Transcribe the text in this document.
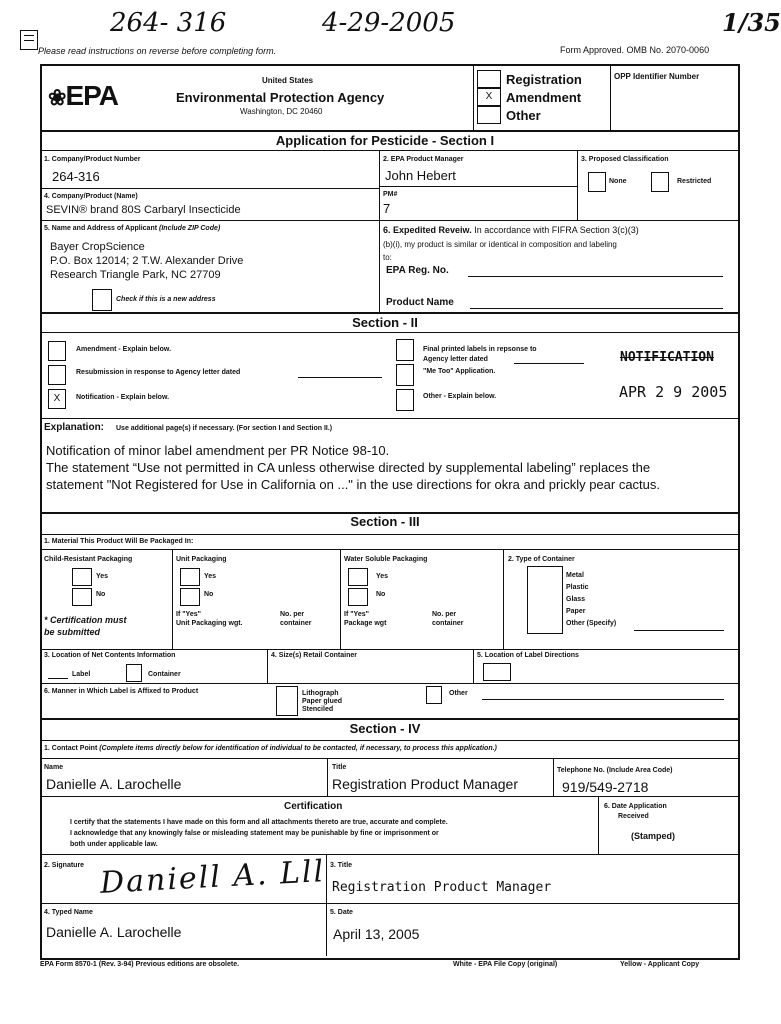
264- 316	4-29-2005	1/35
Please read instructions on reverse before completing form.	Form Approved. OMB No. 2070-0060
❀EPA	United States
Environmental Protection Agency
Washington, DC 20460
X
Registration
Amendment
Other
OPP Identifier Number
Application for Pesticide - Section I
1. Company/Product Number
264-316
2. EPA Product Manager
John Hebert
3. Proposed Classification
None	Restricted
4. Company/Product (Name)
SEVIN® brand 80S Carbaryl Insecticide
PM#
7
5. Name and Address of Applicant (Include ZIP Code)
Bayer CropScience
P.O. Box 12014; 2 T.W. Alexander Drive
Research Triangle Park, NC 27709
Check if this is a new address
6. Expedited Reveiw. In accordance with FIFRA Section 3(c)(3)
(b)(i), my product is similar or identical in composition and labeling
to:
EPA Reg. No.
Product Name
Section - II
Amendment - Explain below.
Resubmission in response to Agency letter dated
X	Notification - Explain below.
Final printed labels in repsonse to
Agency letter dated
"Me Too" Application.
Other - Explain below.
NOTIFICATION
APR 2 9 2005
Explanation: Use additional page(s) if necessary. (For section I and Section II.)
Notification of minor label amendment per PR Notice 98-10.
The statement “Use not permitted in CA unless otherwise directed by supplemental labeling” replaces the
statement "Not Registered for Use in California on ..." in the use directions for okra and prickly pear cactus.
Section - III
1. Material This Product Will Be Packaged In:
Child-Resistant Packaging	Unit Packaging	Water Soluble Packaging	2. Type of Container
Yes
No
Yes
No
Yes
No
* Certification must
be submitted
If "Yes"
Unit Packaging wgt.
No. per
container
If "Yes"
Package wgt
No. per
container
Metal
Plastic
Glass
Paper
Other (Specify)
3. Location of Net Contents Information
Label	Container
4. Size(s) Retail Container	5. Location of Label Directions
6. Manner in Which Label is Affixed to Product	Lithograph
Paper glued
Stenciled
Other
Section - IV
1. Contact Point (Complete items directly below for identification of individual to be contacted, if necessary, to process this application.)
Name
Danielle A. Larochelle
Title
Registration Product Manager
Telephone No. (Include Area Code)
919/549-2718
Certification
I certify that the statements I have made on this form and all attachments thereto are true, accurate and complete.
I acknowledge that any knowingly false or misleading statement may be punishable by fine or imprisonment or
both under applicable law.
6. Date Application
Received
(Stamped)
2. Signature Daniell A. Lll 3. Title
Registration Product Manager
4. Typed Name
Danielle A. Larochelle
5. Date
April 13, 2005
EPA Form 8570-1 (Rev. 3-94) Previous editions are obsolete.	White - EPA File Copy (original)	Yellow - Applicant Copy
